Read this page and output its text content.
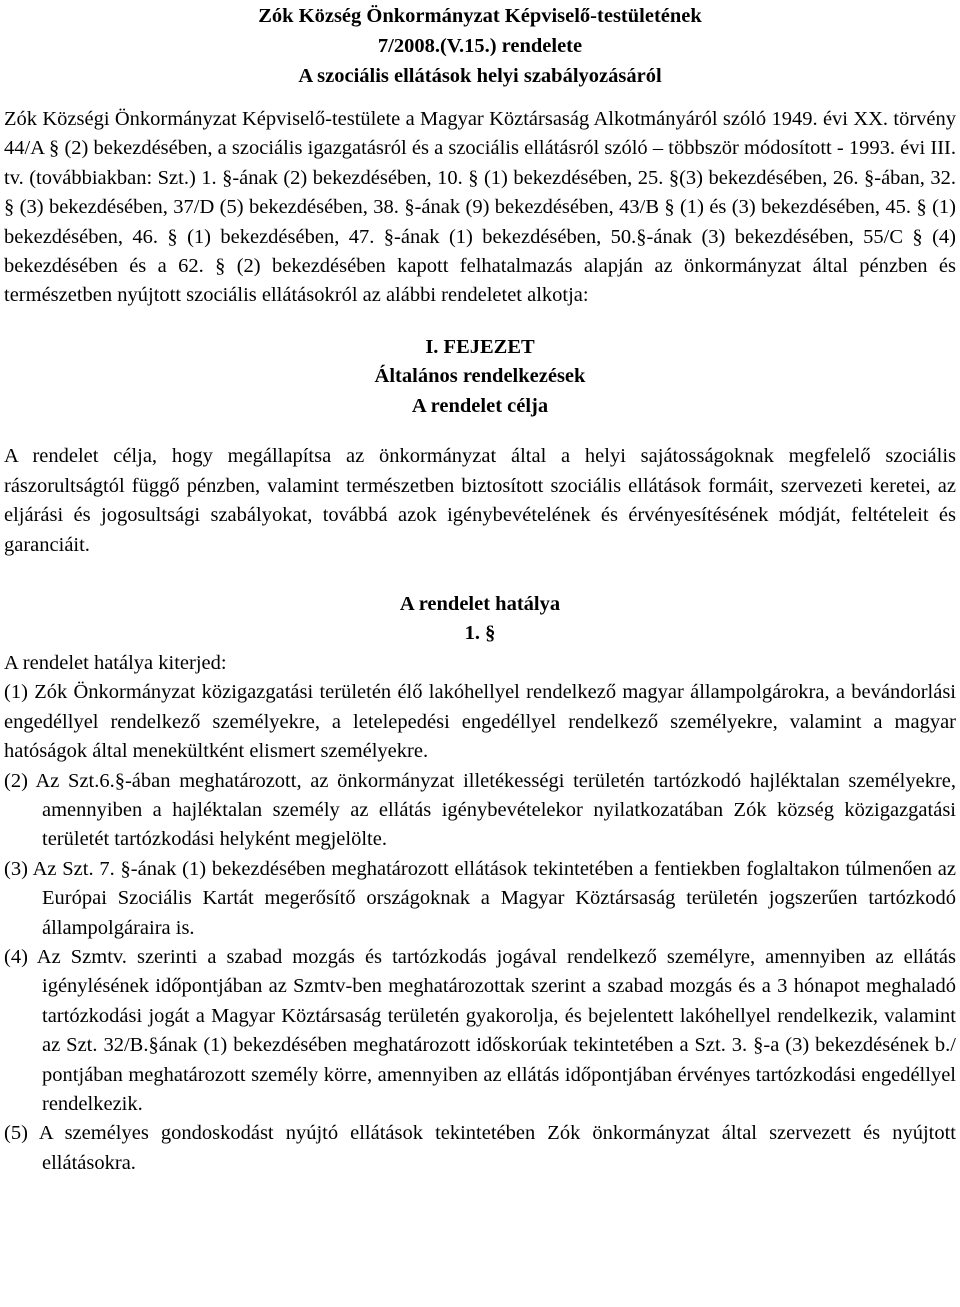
Zók Község Önkormányzat Képviselő-testületének
7/2008.(V.15.) rendelete
A szociális ellátások helyi szabályozásáról

Zók Községi Önkormányzat Képviselő-testülete a Magyar Köztársaság Alkotmányáról szóló 1949. évi XX. törvény 44/A § (2) bekezdésében, a szociális igazgatásról és a szociális ellátásról szóló – többször módosított - 1993. évi III. tv. (továbbiakban: Szt.) 1. §-ának (2) bekezdésében, 10. § (1) bekezdésében, 25. §(3) bekezdésében, 26. §-ában, 32. § (3) bekezdésében, 37/D (5) bekezdésében, 38. §-ának (9) bekezdésében, 43/B § (1) és (3) bekezdésében, 45. § (1) bekezdésében, 46. § (1) bekezdésében, 47. §-ának (1) bekezdésében, 50.§-ának (3) bekezdésében, 55/C § (4) bekezdésében és a 62. § (2) bekezdésében kapott felhatalmazás alapján az önkormányzat által pénzben és természetben nyújtott szociális ellátásokról az alábbi rendeletet alkotja:

I. FEJEZET
Általános rendelkezések
A rendelet célja

A rendelet célja, hogy megállapítsa az önkormányzat által a helyi sajátosságoknak megfelelő szociális rászorultságtól függő pénzben, valamint természetben biztosított szociális ellátások formáit, szervezeti keretei, az eljárási és jogosultsági szabályokat, továbbá azok igénybevételének és érvényesítésének módját, feltételeit és garanciáit.

A rendelet hatálya
1. §

A rendelet hatálya kiterjed:

(1) Zók Önkormányzat közigazgatási területén élő lakóhellyel rendelkező magyar állampolgárokra, a bevándorlási engedéllyel rendelkező személyekre, a letelepedési engedéllyel rendelkező személyekre, valamint a magyar hatóságok által menekültként elismert személyekre.

(2) Az Szt.6.§-ában meghatározott, az önkormányzat illetékességi területén tartózkodó hajléktalan személyekre, amennyiben a hajléktalan személy az ellátás igénybevételekor nyilatkozatában Zók község közigazgatási területét tartózkodási helyként megjelölte.

(3) Az Szt. 7. §-ának (1) bekezdésében meghatározott ellátások tekintetében a fentiekben foglaltakon túlmenően az Európai Szociális Kartát megerősítő országoknak a Magyar Köztársaság területén jogszerűen tartózkodó állampolgáraira is.

(4) Az Szmtv. szerinti a szabad mozgás és tartózkodás jogával rendelkező személyre, amennyiben az ellátás igénylésének időpontjában az Szmtv-ben meghatározottak szerint a szabad mozgás és a 3 hónapot meghaladó tartózkodási jogát a Magyar Köztársaság területén gyakorolja, és bejelentett lakóhellyel rendelkezik, valamint az Szt. 32/B.§ának (1) bekezdésében meghatározott időskorúak tekintetében a Szt. 3. §-a (3) bekezdésének b./ pontjában meghatározott személy körre, amennyiben az ellátás időpontjában érvényes tartózkodási engedéllyel rendelkezik.

(5) A személyes gondoskodást nyújtó ellátások tekintetében Zók önkormányzat által szervezett és nyújtott ellátásokra.
